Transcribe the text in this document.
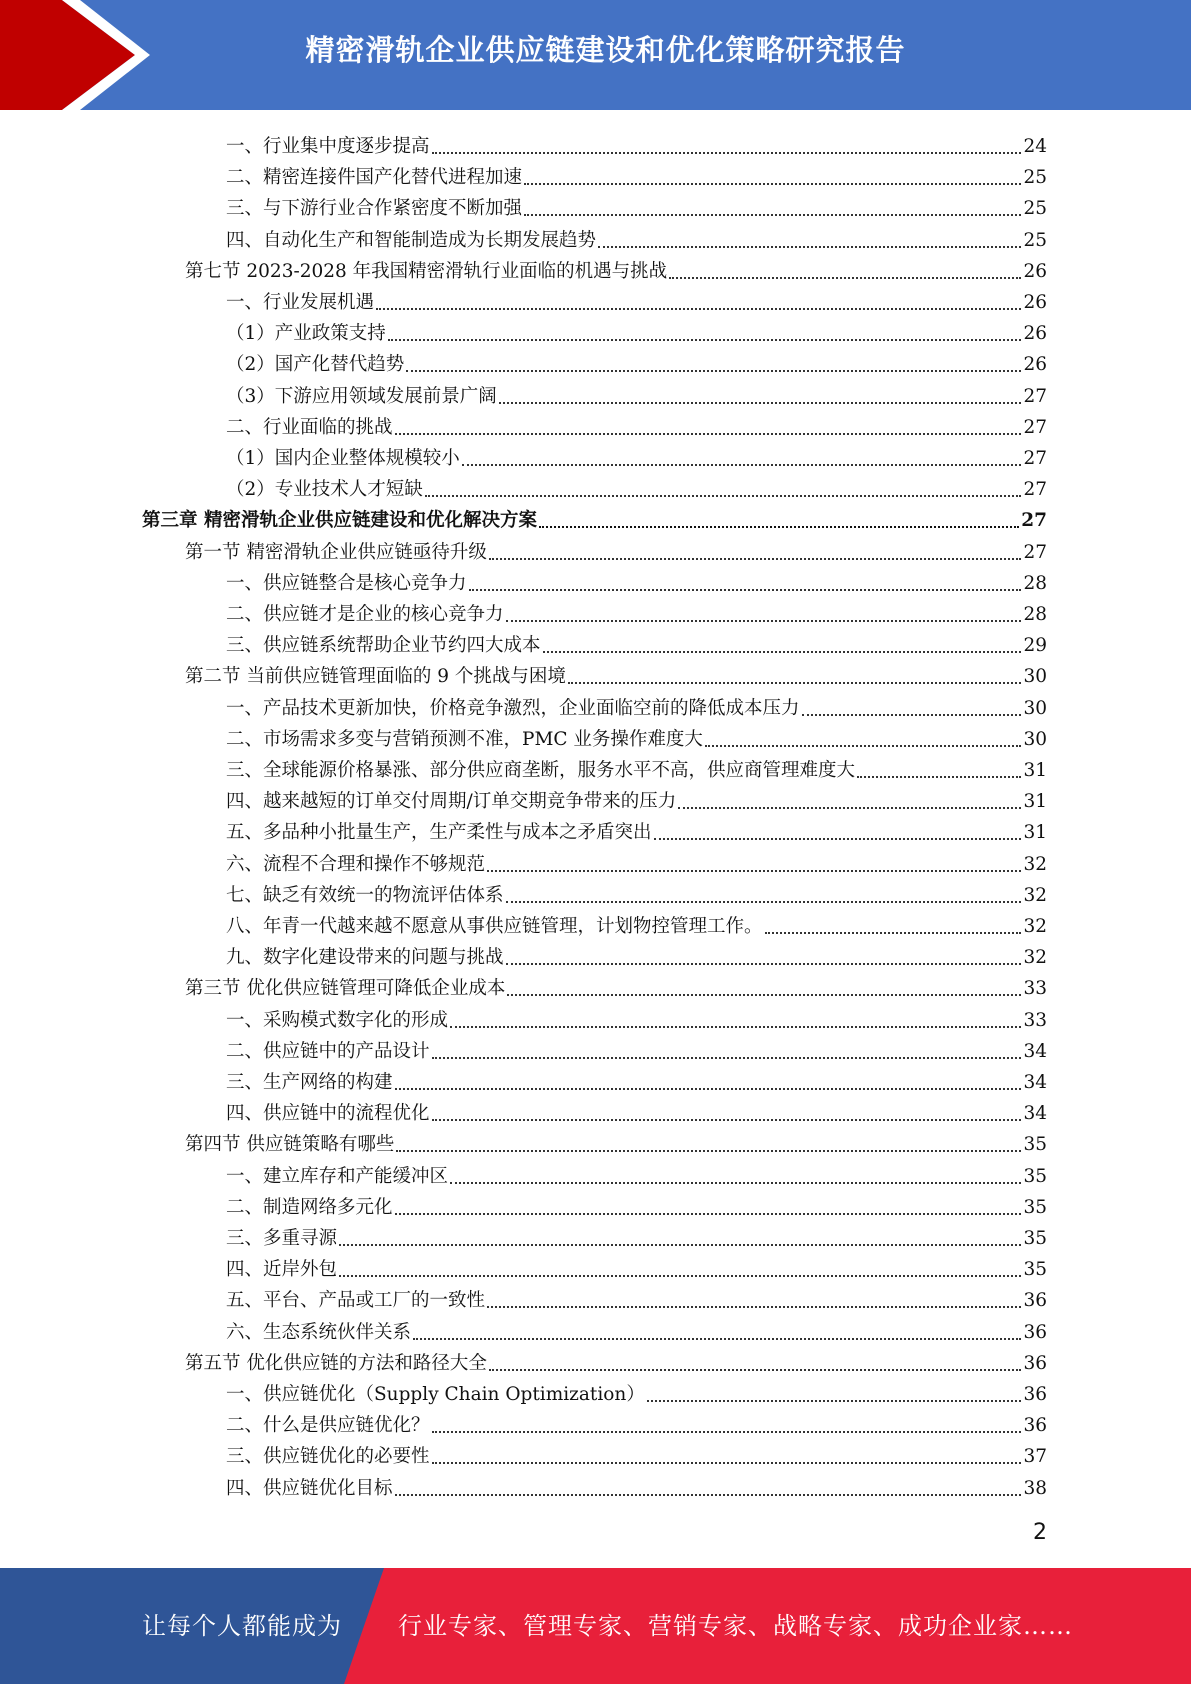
精密滑轨企业供应链建设和优化策略研究报告
一、行业集中度逐步提高	24
二、精密连接件国产化替代进程加速	25
三、与下游行业合作紧密度不断加强	25
四、自动化生产和智能制造成为长期发展趋势	25
第七节 2023-2028 年我国精密滑轨行业面临的机遇与挑战	26
一、行业发展机遇	26
（1）产业政策支持	26
（2）国产化替代趋势	26
（3）下游应用领域发展前景广阔	27
二、行业面临的挑战	27
（1）国内企业整体规模较小	27
（2）专业技术人才短缺	27
第三章 精密滑轨企业供应链建设和优化解决方案	27
第一节 精密滑轨企业供应链亟待升级	27
一、供应链整合是核心竞争力	28
二、供应链才是企业的核心竞争力	28
三、供应链系统帮助企业节约四大成本	29
第二节 当前供应链管理面临的 9 个挑战与困境	30
一、产品技术更新加快，价格竞争激烈，企业面临空前的降低成本压力	30
二、市场需求多变与营销预测不准，PMC 业务操作难度大	30
三、全球能源价格暴涨、部分供应商垄断，服务水平不高，供应商管理难度大	31
四、越来越短的订单交付周期/订单交期竞争带来的压力	31
五、多品种小批量生产，生产柔性与成本之矛盾突出	31
六、流程不合理和操作不够规范	32
七、缺乏有效统一的物流评估体系	32
八、年青一代越来越不愿意从事供应链管理，计划物控管理工作。	32
九、数字化建设带来的问题与挑战	32
第三节 优化供应链管理可降低企业成本	33
一、采购模式数字化的形成	33
二、供应链中的产品设计	34
三、生产网络的构建	34
四、供应链中的流程优化	34
第四节 供应链策略有哪些	35
一、建立库存和产能缓冲区	35
二、制造网络多元化	35
三、多重寻源	35
四、近岸外包	35
五、平台、产品或工厂的一致性	36
六、生态系统伙伴关系	36
第五节 优化供应链的方法和路径大全	36
一、供应链优化（Supply Chain Optimization）	36
二、什么是供应链优化？	36
三、供应链优化的必要性	37
四、供应链优化目标	38
2
让每个人都能成为 行业专家、管理专家、营销专家、战略专家、成功企业家……
